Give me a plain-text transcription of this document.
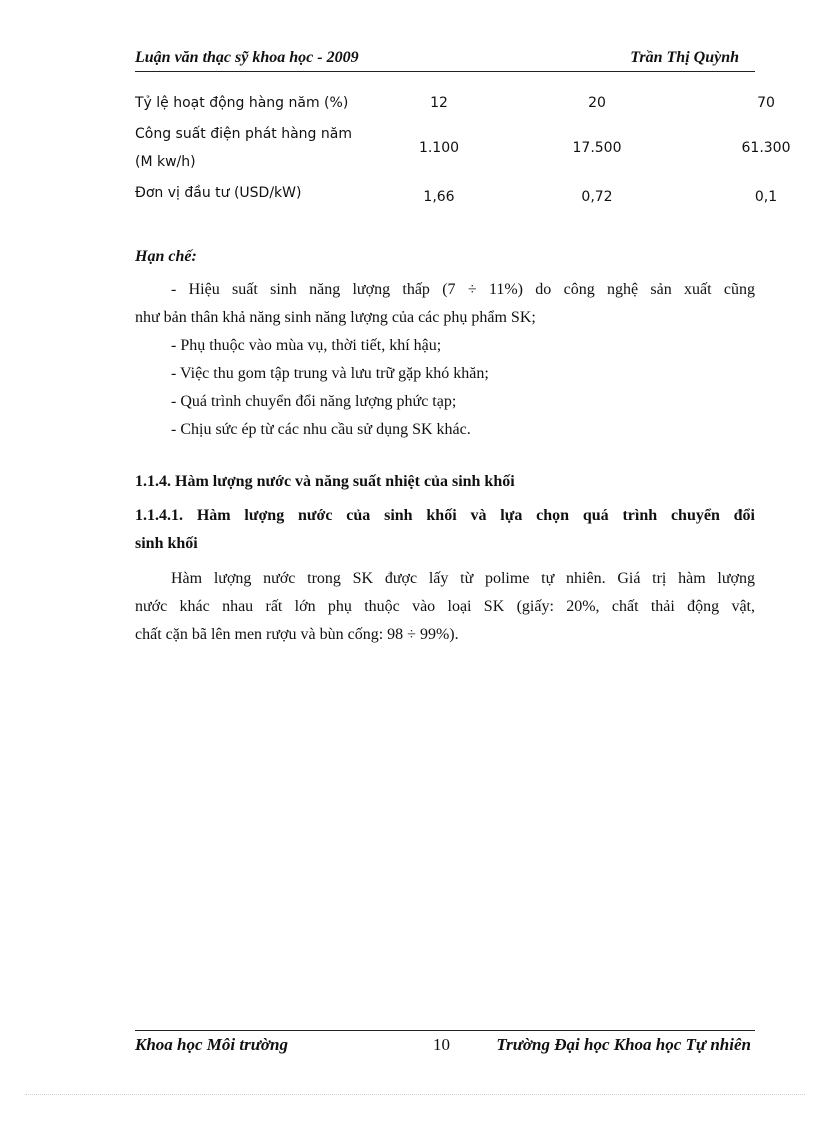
Luận văn thạc sỹ khoa học - 2009	Trần Thị Quỳnh
Tỷ lệ hoạt động hàng năm (%)	12	20	70
Công suất điện phát hàng năm
(M kw/h)
1.100	17.500	61.300
Đơn vị đầu tư (USD/kW)	1,66	0,72	0,1
Hạn chế:
- Hiệu suất sinh năng lượng thấp (7 ÷ 11%) do công nghệ sản xuất cũng
như bản thân khả năng sinh năng lượng của các phụ phẩm SK;
- Phụ thuộc vào mùa vụ, thời tiết, khí hậu;
- Việc thu gom tập trung và lưu trữ gặp khó khăn;
- Quá trình chuyển đổi năng lượng phức tạp;
- Chịu sức ép từ các nhu cầu sử dụng SK khác.
1.1.4. Hàm lượng nước và năng suất nhiệt của sinh khối
1.1.4.1. Hàm lượng nước của sinh khối và lựa chọn quá trình chuyển đổi
sinh khối
Hàm lượng nước trong SK được lấy từ polime tự nhiên. Giá trị hàm lượng
nước khác nhau rất lớn phụ thuộc vào loại SK (giấy: 20%, chất thải động vật,
chất cặn bã lên men rượu và bùn cống: 98 ÷ 99%).
Khoa học Môi trường	10	Trường Đại học Khoa học Tự nhiên
